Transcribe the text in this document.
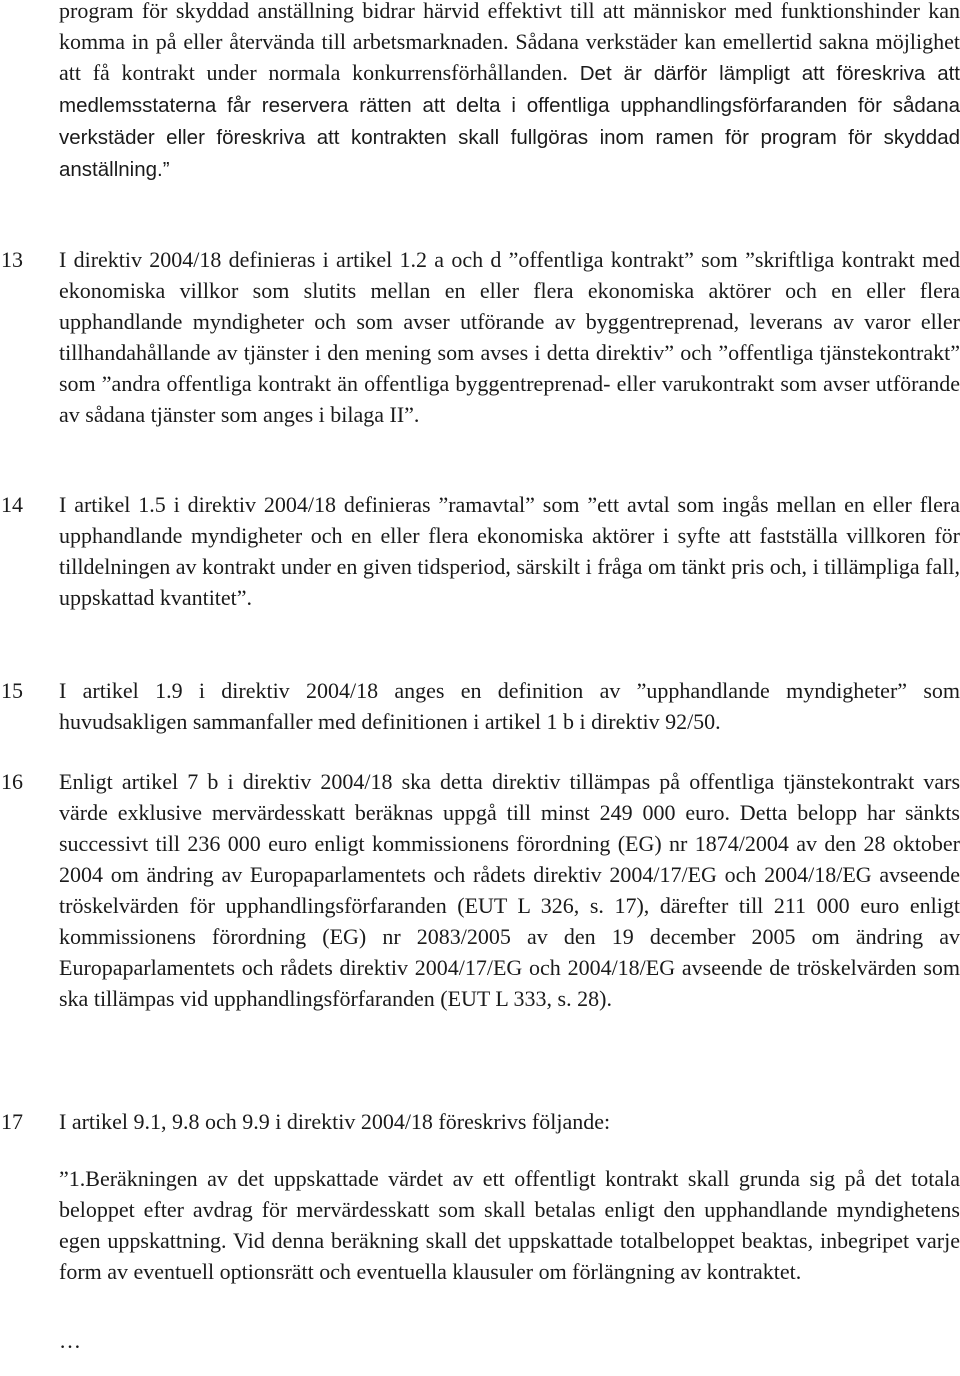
program för skyddad anställning bidrar härvid effektivt till att människor med funktionshinder kan komma in på eller återvända till arbetsmarknaden. Sådana verkstäder kan emellertid sakna möjlighet att få kontrakt under normala konkurrensförhållanden. Det är därför lämpligt att föreskriva att medlemsstaterna får reservera rätten att delta i offentliga upphandlingsförfaranden för sådana verkstäder eller föreskriva att kontrakten skall fullgöras inom ramen för program för skyddad anställning.”

13	I direktiv 2004/18 definieras i artikel 1.2 a och d ”offentliga kontrakt” som ”skriftliga kontrakt med ekonomiska villkor som slutits mellan en eller flera ekonomiska aktörer och en eller flera upphandlande myndigheter och som avser utförande av byggentreprenad, leverans av varor eller tillhandahållande av tjänster i den mening som avses i detta direktiv” och ”offentliga tjänstekontrakt” som ”andra offentliga kontrakt än offentliga byggentreprenad- eller varukontrakt som avser utförande av sådana tjänster som anges i bilaga II”.

14	I artikel 1.5 i direktiv 2004/18 definieras ”ramavtal” som ”ett avtal som ingås mellan en eller flera upphandlande myndigheter och en eller flera ekonomiska aktörer i syfte att fastställa villkoren för tilldelningen av kontrakt under en given tidsperiod, särskilt i fråga om tänkt pris och, i tillämpliga fall, uppskattad kvantitet”.

15	I artikel 1.9 i direktiv 2004/18 anges en definition av ”upphandlande myndigheter” som huvudsakligen sammanfaller med definitionen i artikel 1 b i direktiv 92/50.

16	Enligt artikel 7 b i direktiv 2004/18 ska detta direktiv tillämpas på offentliga tjänstekontrakt vars värde exklusive mervärdesskatt beräknas uppgå till minst 249 000 euro. Detta belopp har sänkts successivt till 236 000 euro enligt kommissionens förordning (EG) nr 1874/2004 av den 28 oktober 2004 om ändring av Europaparlamentets och rådets direktiv 2004/17/EG och 2004/18/EG avseende tröskelvärden för upphandlingsförfaranden (EUT L 326, s. 17), därefter till 211 000 euro enligt kommissionens förordning (EG) nr 2083/2005 av den 19 december 2005 om ändring av Europaparlamentets och rådets direktiv 2004/17/EG och 2004/18/EG avseende de tröskelvärden som ska tillämpas vid upphandlingsförfaranden (EUT L 333, s. 28).

17	I artikel 9.1, 9.8 och 9.9 i direktiv 2004/18 föreskrivs följande:

”1.Beräkningen av det uppskattade värdet av ett offentligt kontrakt skall grunda sig på det totala beloppet efter avdrag för mervärdesskatt som skall betalas enligt den upphandlande myndighetens egen uppskattning. Vid denna beräkning skall det uppskattade totalbeloppet beaktas, inbegripet varje form av eventuell optionsrätt och eventuella klausuler om förlängning av kontraktet.

…
